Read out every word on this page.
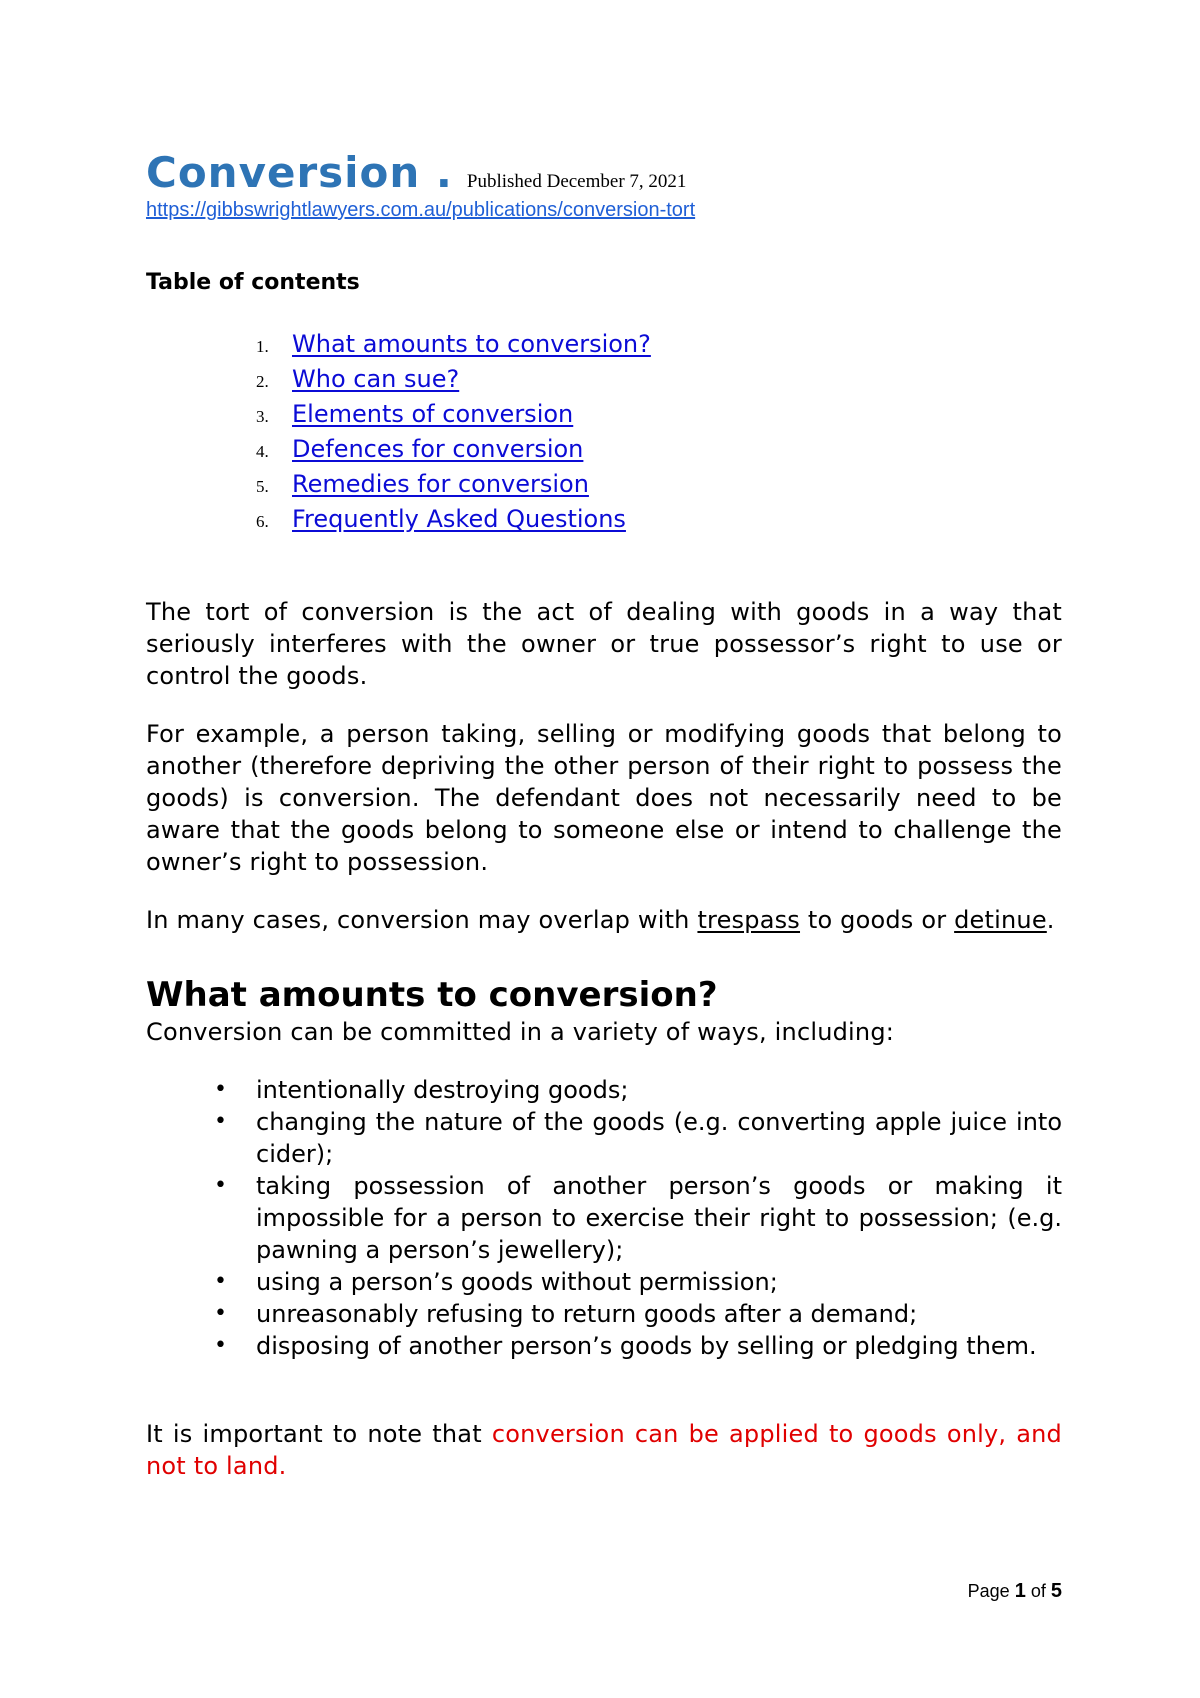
Conversion . Published December 7, 2021
https://gibbswrightlawyers.com.au/publications/conversion-tort
Table of contents
1. What amounts to conversion?
2. Who can sue?
3. Elements of conversion
4. Defences for conversion
5. Remedies for conversion
6. Frequently Asked Questions

The tort of conversion is the act of dealing with goods in a way that seriously interferes with the owner or true possessor’s right to use or control the goods.

For example, a person taking, selling or modifying goods that belong to another (therefore depriving the other person of their right to possess the goods) is conversion. The defendant does not necessarily need to be aware that the goods belong to someone else or intend to challenge the owner’s right to possession.

In many cases, conversion may overlap with trespass to goods or detinue.

What amounts to conversion?

Conversion can be committed in a variety of ways, including:

• intentionally destroying goods;
• changing the nature of the goods (e.g. converting apple juice into cider);
• taking possession of another person’s goods or making it impossible for a person to exercise their right to possession; (e.g. pawning a person’s jewellery);
• using a person’s goods without permission;
• unreasonably refusing to return goods after a demand;
• disposing of another person’s goods by selling or pledging them.

It is important to note that conversion can be applied to goods only, and not to land.

Page 1 of 5
